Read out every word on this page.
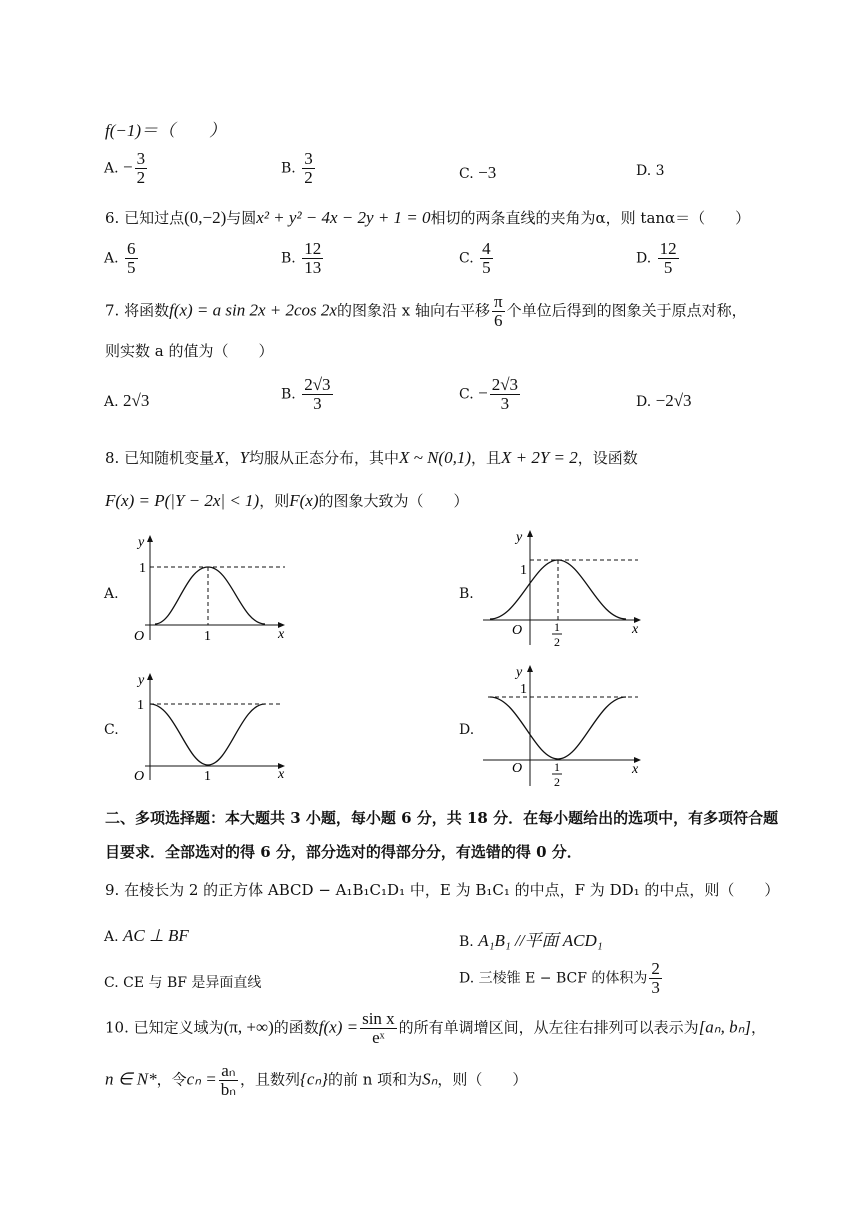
f(−1)＝（　　）
A. − $\frac{3}{2}$	B. $\frac{3}{2}$	C. −3	D. 3
6. 已知过点(0,−2)与圆x² + y² − 4x − 2y + 1 = 0相切的两条直线的夹角为α，则 tanα＝（　　）
A. $\frac{6}{5}$	B. $\frac{12}{13}$	C. $\frac{4}{5}$	D. $\frac{12}{5}$
7. 将函数f(x) = a sin 2x + 2cos 2x的图象沿 x 轴向右平移 $\frac{\pi}{6}$ 个单位后得到的图象关于原点对称，
则实数 a 的值为（　　）
A. 2√3	B. $\frac{2√3}{3}$	C. − $\frac{2√3}{3}$	D. −2√3
8. 已知随机变量X，Y均服从正态分布，其中X ~ N(0,1)，且X + 2Y = 2，设函数
F(x) = P(|Y − 2x| < 1)，则F(x)的图象大致为（　　）
A.	B.
C.	D.
y
x
O
1
1
y
x
O
1
1
2
y
x
O
1
1
y
x
O
1
1
2
二、多项选择题：本大题共 3 小题，每小题 6 分，共 18 分．在每小题给出的选项中，有多项符合题
目要求．全部选对的得 6 分，部分选对的得部分分，有选错的得 0 分．
9. 在棱长为 2 的正方体 ABCD − A₁B₁C₁D₁ 中，E 为 B₁C₁ 的中点，F 为 DD₁ 的中点，则（　　）
A. AC ⊥ BF	B. A₁B₁ //平面 ACD₁
C. CE 与 BF 是异面直线	D. 三棱锥 E − BCF 的体积为 $\frac{2}{3}$
10. 已知定义域为(π, +∞)的函数$f(x) = \frac{\text{sin x}}{\text{eˣ}}$ 的所有单调增区间，从左往右排列可以表示为[aₙ, bₙ]，
n ∈ N*，令$c_n = \frac{\text{aₙ}}{\text{bₙ}}$ ，且数列{cₙ}的前 n 项和为Sₙ，则（　　）
